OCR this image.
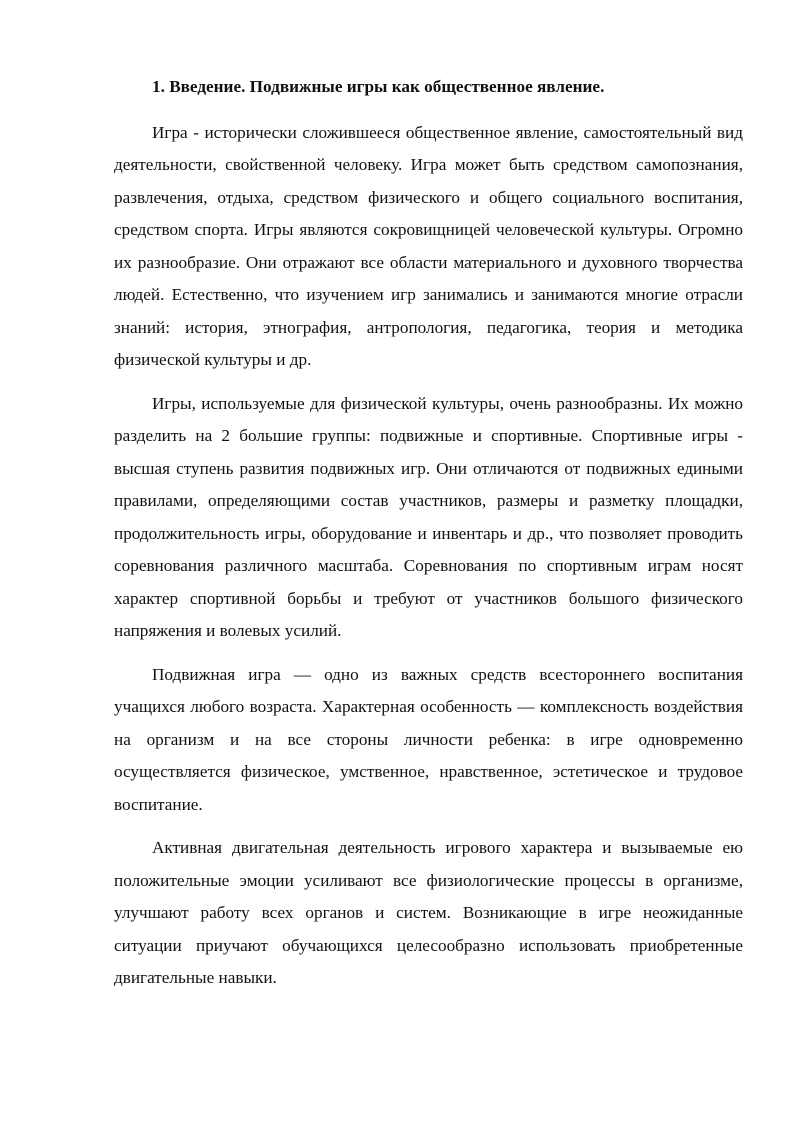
1. Введение. Подвижные игры как общественное явление.

Игра - исторически сложившееся общественное явление, самостоятельный вид деятельности, свойственной человеку. Игра может быть средством самопознания, развлечения, отдыха, средством физического и общего социального воспитания, средством спорта. Игры являются сокровищницей человеческой культуры. Огромно их разнообразие. Они отражают все области материального и духовного творчества людей. Естественно, что изучением игр занимались и занимаются многие отрасли знаний: история, этнография, антропология, педагогика, теория и методика физической культуры и др.

Игры, используемые для физической культуры, очень разнообразны. Их можно разделить на 2 большие группы: подвижные и спортивные. Спортивные игры - высшая ступень развития подвижных игр. Они отличаются от подвижных едиными правилами, определяющими состав участников, размеры и разметку площадки, продолжительность игры, оборудование и инвентарь и др., что позволяет проводить соревнования различного масштаба. Соревнования по спортивным играм носят характер спортивной борьбы и требуют от участников большого физического напряжения и волевых усилий.

Подвижная игра — одно из важных средств всестороннего воспитания учащихся любого возраста. Характерная особенность — комплексность воздействия на организм и на все стороны личности ребенка: в игре одновременно осуществляется физическое, умственное, нравственное, эстетическое и трудовое воспитание.

Активная двигательная деятельность игрового характера и вызываемые ею положительные эмоции усиливают все физиологические процессы в организме, улучшают работу всех органов и систем. Возникающие в игре неожиданные ситуации приучают обучающихся целесообразно использовать приобретенные двигательные навыки.
